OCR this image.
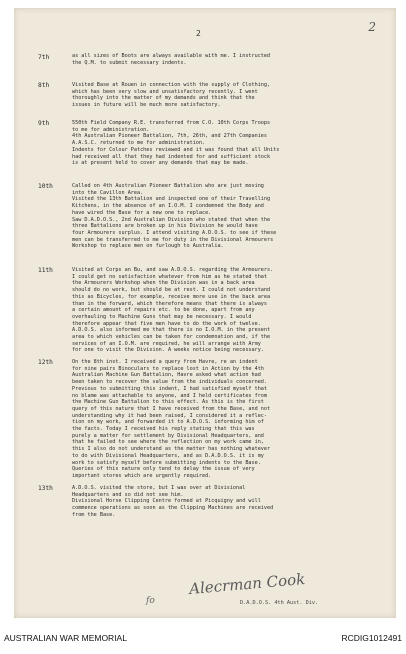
2	2
7th	as all sizes of Boots are always available with me. I instructed
the Q.M. to submit necessary indents.
8th	Visited Base at Rouen in connection with the supply of Clothing,
which has been very slow and unsatisfactory recently. I went
thoroughly into the matter of my demands and think that the
issues in future will be much more satisfactory.
9th	550th Field Company R.E. transferred from C.O. 10th Corps Troops
to me for administration.
4th Australian Pioneer Battalion, 7th, 26th, and 27th Companies
A.A.S.C. returned to me for administration.
Indents for Colour Patches reviewed and it was found that all Units
had received all that they had indented for and sufficient stock
is at present held to cover any demands that may be made.
10th	Called on 4th Australian Pioneer Battalion who are just moving
into the Cavillon Area.
Visited the 13th Battalion and inspected one of their Travelling
Kitchens, in the absence of an I.O.M. I condemned the Body and
have wired the Base for a new one to replace.
Saw D.A.D.O.S., 2nd Australian Division who stated that when the
three Battalions are broken up in his Division he would have
four Armourers surplus. I attend visiting A.D.O.S. to see if these
men can be transferred to me for duty in the Divisional Armourers
Workshop to replace men on furlough to Australia.
11th	Visited at Corps an Bu, and saw A.D.O.S. regarding the Armourers.
I could get no satisfaction whatever from him as he stated that
the Armourers Workshop when the Division was in a back area
should do no work, but should be at rest. I could not understand
this as Bicycles, for example, receive more use in the back area
than in the forward, which therefore means that there is always
a certain amount of repairs etc. to be done, apart from any
overhauling to Machine Guns that may be necessary. I would
therefore appear that five men have to do the work of twelve.
A.D.O.S. also informed me that there is no I.O.M. in the present
area to which vehicles can be taken for condemnation and, if the
services of an I.O.M. are required, he will arrange with Army
for one to visit the Division. A weeks notice being necessary.
12th	On the 8th inst. I received a query from Havre, re an indent
for nine pairs Binoculars to replace lost in Action by the 4th
Australian Machine Gun Battalion, Havre asked what action had
been taken to recover the value from the individuals concerned.
Previous to submitting this indent, I had satisfied myself that
no blame was attachable to anyone, and I held certificates from
the Machine Gun Battalion to this effect. As this is the first
query of this nature that I have received from the Base, and not
understanding why it had been raised, I considered it a reflec-
tion on my work, and forwarded it to A.D.O.S. informing him of
the facts. Today I received his reply stating that this was
purely a matter for settlement by Divisional Headquarters, and
that he failed to see where the reflection on my work came in,
this I also do not understand as the matter has nothing whatever
to do with Divisional Headquarters, and as D.A.D.O.S. it is my
work to satisfy myself before submitting indents to the Base.
Queries of this nature only tend to delay the issue of very
important stores which are urgently required.
13th	A.D.O.S. visited the store, but I was over at Divisional
Headquarters and so did not see him.
Divisional Horse Clipping Centre formed at Picquigny and will
commence operations as soon as the Clipping Machines are received
from the Base.
fo
Alecrman Cook
D.A.D.O.S. 4th Aust. Div.
AUSTRALIAN WAR MEMORIAL	RCDIG1012491
